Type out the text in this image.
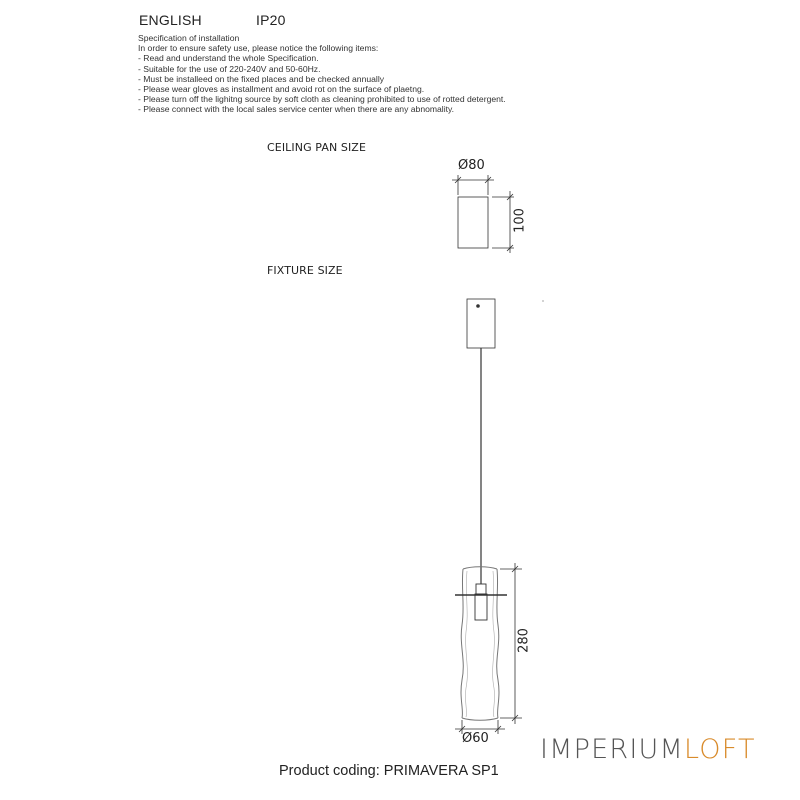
ENGLISH	IP20
Specification of installation
In order to ensure safety use, please notice the following items:
- Read and understand the whole Specification.
- Suitable for the use of 220-240V and 50-60Hz.
- Must be installeed on the fixed places and be checked annually
- Please wear gloves as installment and avoid rot on the surface of plaetng.
- Please turn off the lighitng source by soft cloth as cleaning prohibited to use of rotted detergent.
- Please connect with the local sales service center when there are any abnomality.
CEILING PAN SIZE
FIXTURE SIZE
Ø80
100
280
Ø60 IMPERIUMLOFT
Product coding: PRIMAVERA SP1
